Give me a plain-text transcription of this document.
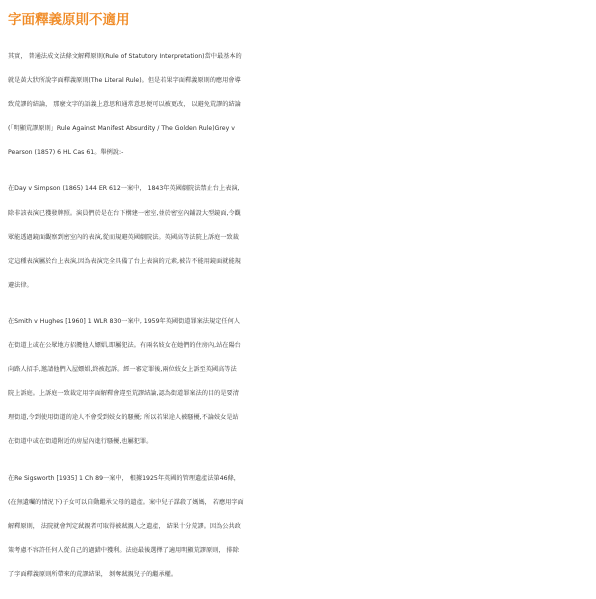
字面釋義原則不適用
其實， 普通法成文法條文解釋原則(Rule of Statutory Interpretation)當中最基本的
就是黃大狀所說字面釋義原則(The Literal Rule)。但是若果字面釋義原則的應用會導
致荒謬的結論， 那麼文字的語義上意思和通常意思便可以被更改， 以避免荒謬的結論
(「明顯荒謬原則」Rule Against Manifest Absurdity / The Golden Rule)Grey v
Pearson (1857) 6 HL Cas 61。舉例說:-
在Day v Simpson (1865) 144 ER 612一案中， 1843年英國劇院法禁止台上表演,
除非該表演已獲發牌照。演員們於是在台下構建一密室,並於密室內鋪設大型鏡面,令觀
眾能透過鏡面觀察到密室內的表演,從而規避英國劇院法。英國高等法院上訴庭一致裁
定這種表演屬於台上表演,因為表演完全具備了台上表演的元素,被告不能用鏡面就能規
避法律。
在Smith v Hughes [1960] 1 WLR 830一案中, 1959年英國街道罪案法規定任何人
在街道上或在公眾地方招攬他人嫖娼,即屬犯法。有兩名妓女在她們的住房內,站在陽台
向路人招手,邀請他們入屋嫖娼,終被起訴。經一審定罪後,兩位妓女上訴至英國高等法
院上訴庭。上訴庭一致裁定用字面解釋會違至荒謬結論,認為街道罪案法的目的是要清
理街道,令到使用街道的途人不會受到妓女的騷擾; 所以若果途人被騷擾,不論妓女是站
在街道中或在街道附近的房屋內進行騷擾,也屬犯罪。
在Re Sigsworth [1935] 1 Ch 89一案中， 根據1925年英國的管理遺產法第46條，
(在無遺囑的情況下)子女可以自動繼承父母的遺產。案中兒子謀殺了媽媽， 若應用字面
解釋原則， 法院就會判定弒親者可取得被弒親人之遺產， 結果十分荒謬。因為公共政
策考慮不容許任何人從自己的過錯中獲利。法庭最後選擇了適用明顯荒謬原則， 排除
了字面釋義原則所帶來的荒謬結果， 剝奪弒親兒子的繼承權。
